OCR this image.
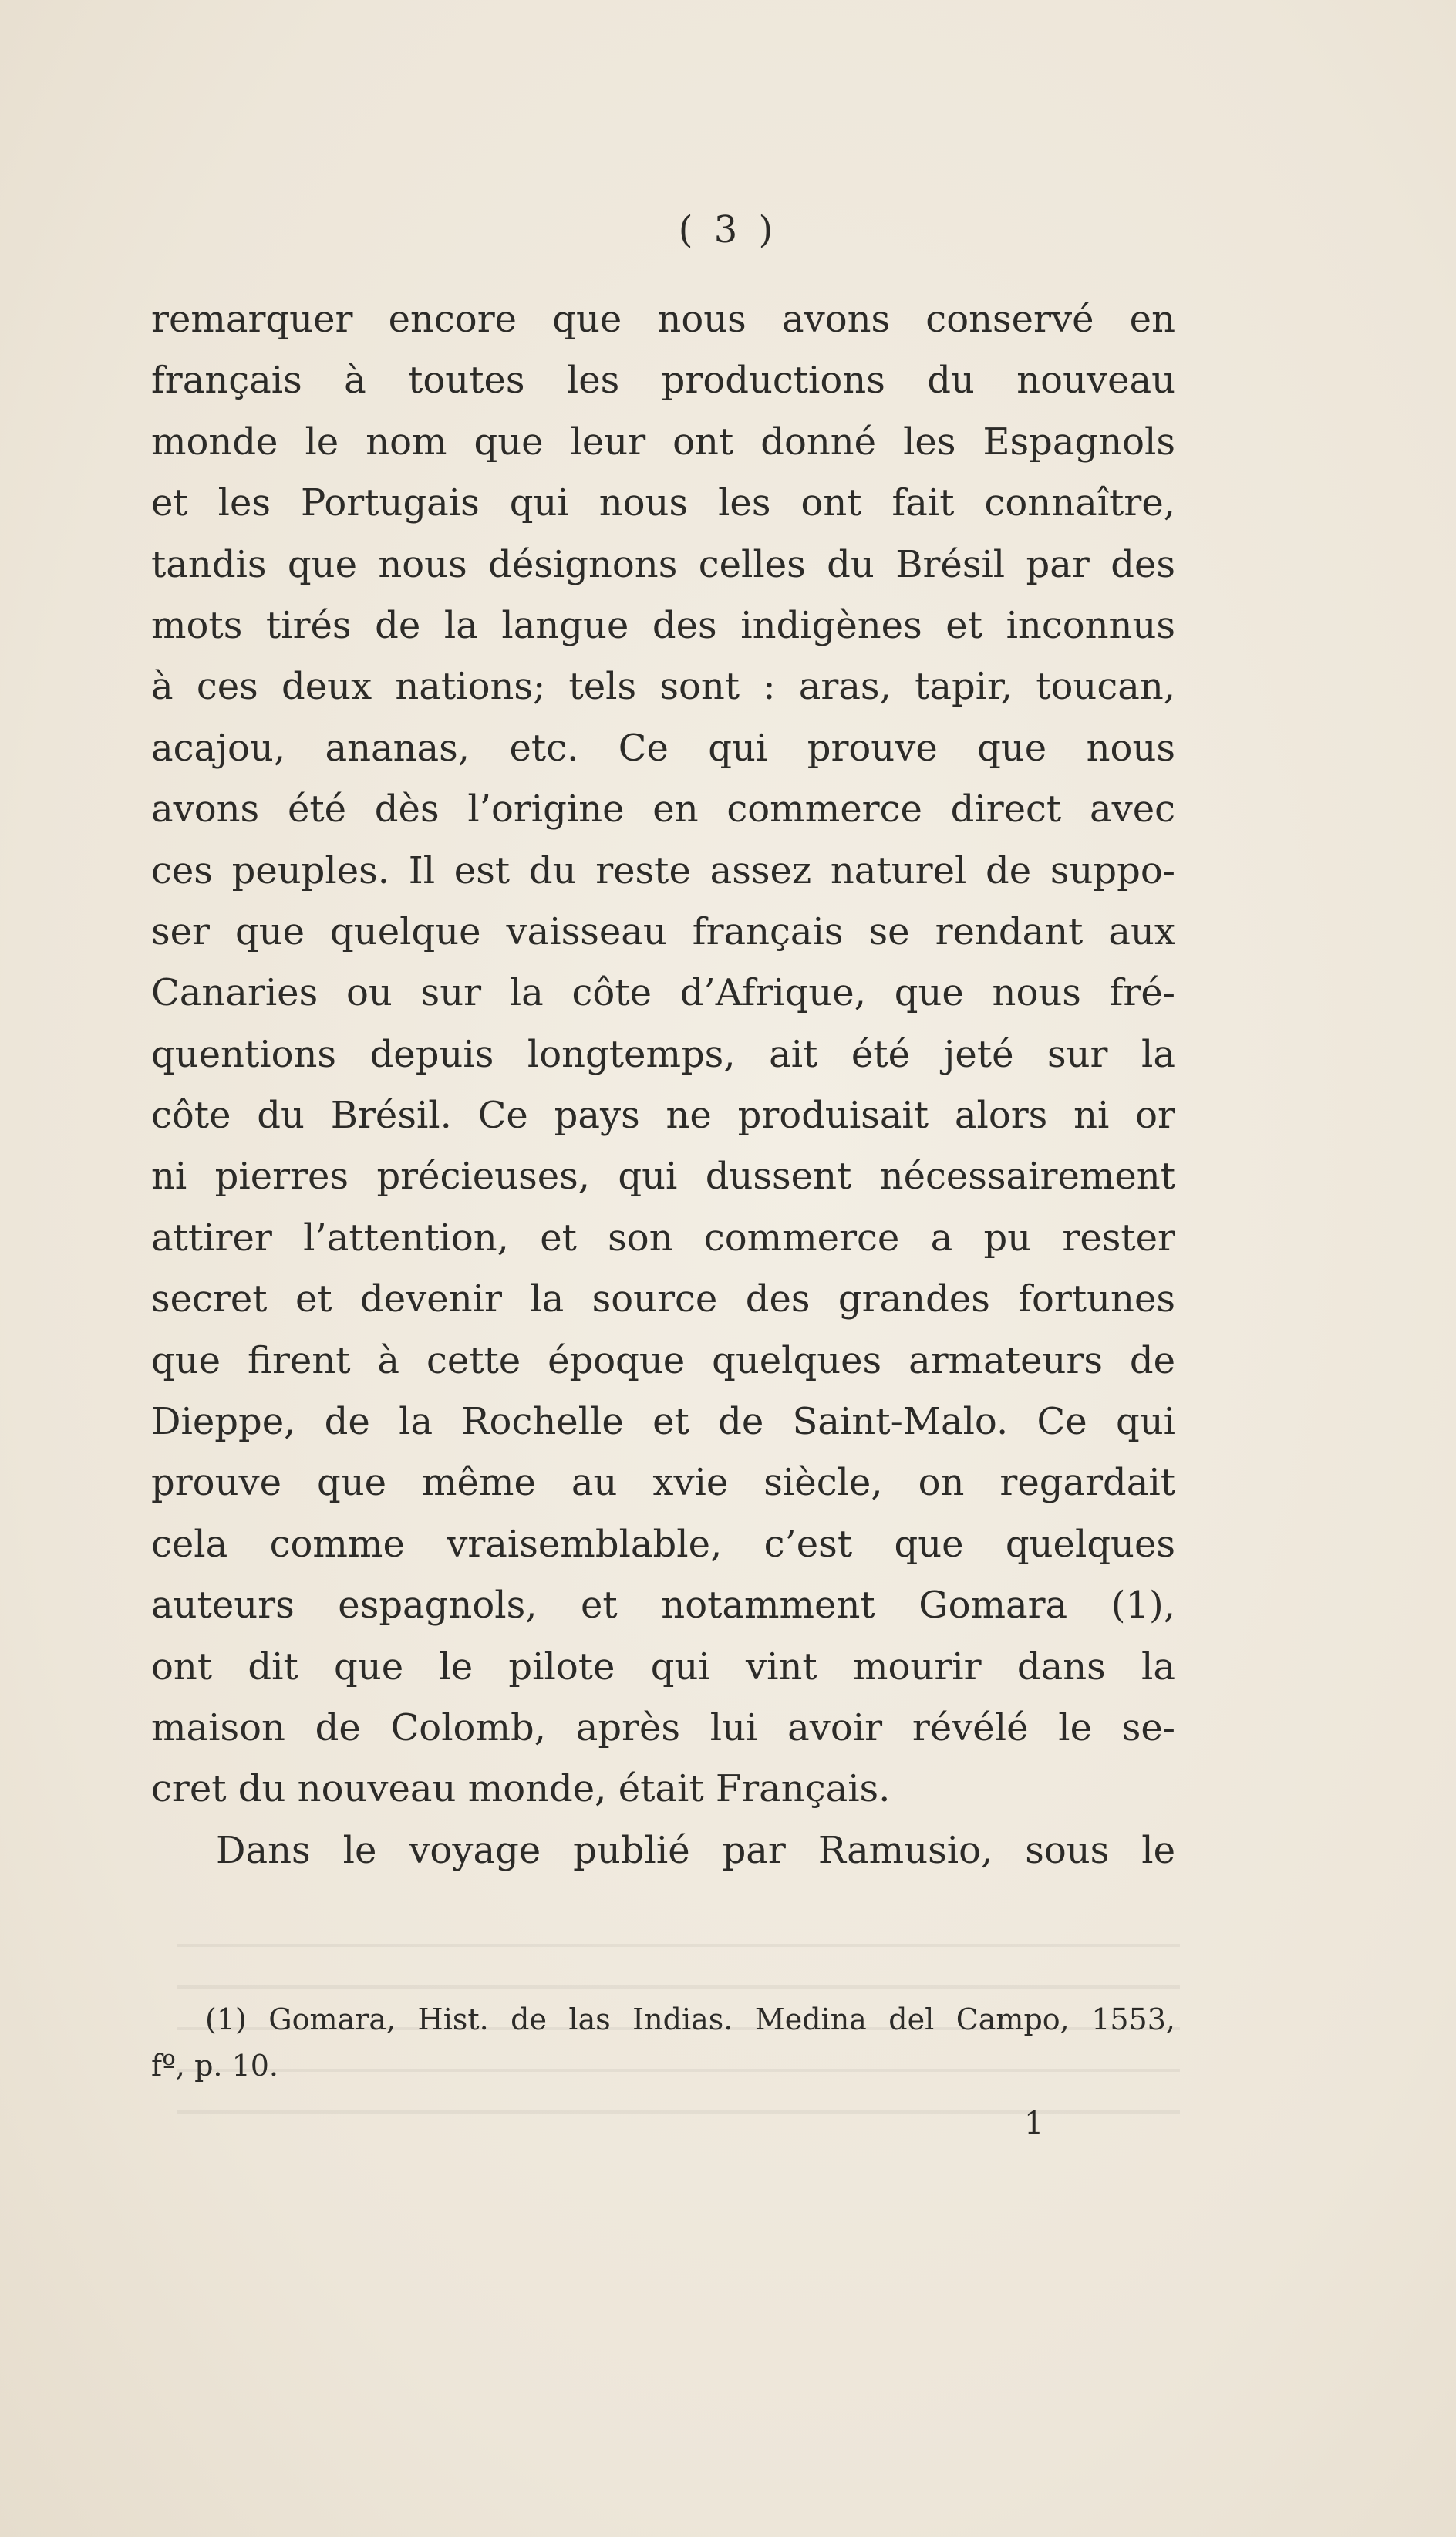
( 3 )
remarquer encore que nous avons conservé en
français à toutes les productions du nouveau
monde le nom que leur ont donné les Espagnols
et les Portugais qui nous les ont fait connaître,
tandis que nous désignons celles du Brésil par des
mots tirés de la langue des indigènes et inconnus
à ces deux nations; tels sont : aras, tapir, toucan,
acajou, ananas, etc. Ce qui prouve que nous
avons été dès l’origine en commerce direct avec
ces peuples. Il est du reste assez naturel de suppo-
ser que quelque vaisseau français se rendant aux
Canaries ou sur la côte d’Afrique, que nous fré-
quentions depuis longtemps, ait été jeté sur la
côte du Brésil. Ce pays ne produisait alors ni or
ni pierres précieuses, qui dussent nécessairement
attirer l’attention, et son commerce a pu rester
secret et devenir la source des grandes fortunes
que firent à cette époque quelques armateurs de
Dieppe, de la Rochelle et de Saint-Malo. Ce qui
prouve que même au xvie siècle, on regardait
cela comme vraisemblable, c’est que quelques
auteurs espagnols, et notamment Gomara (1),
ont dit que le pilote qui vint mourir dans la
maison de Colomb, après lui avoir révélé le se-
cret du nouveau monde, était Français.
Dans le voyage publié par Ramusio, sous le
(1) Gomara, Hist. de las Indias. Medina del Campo, 1553,
fº, p. 10.
1
